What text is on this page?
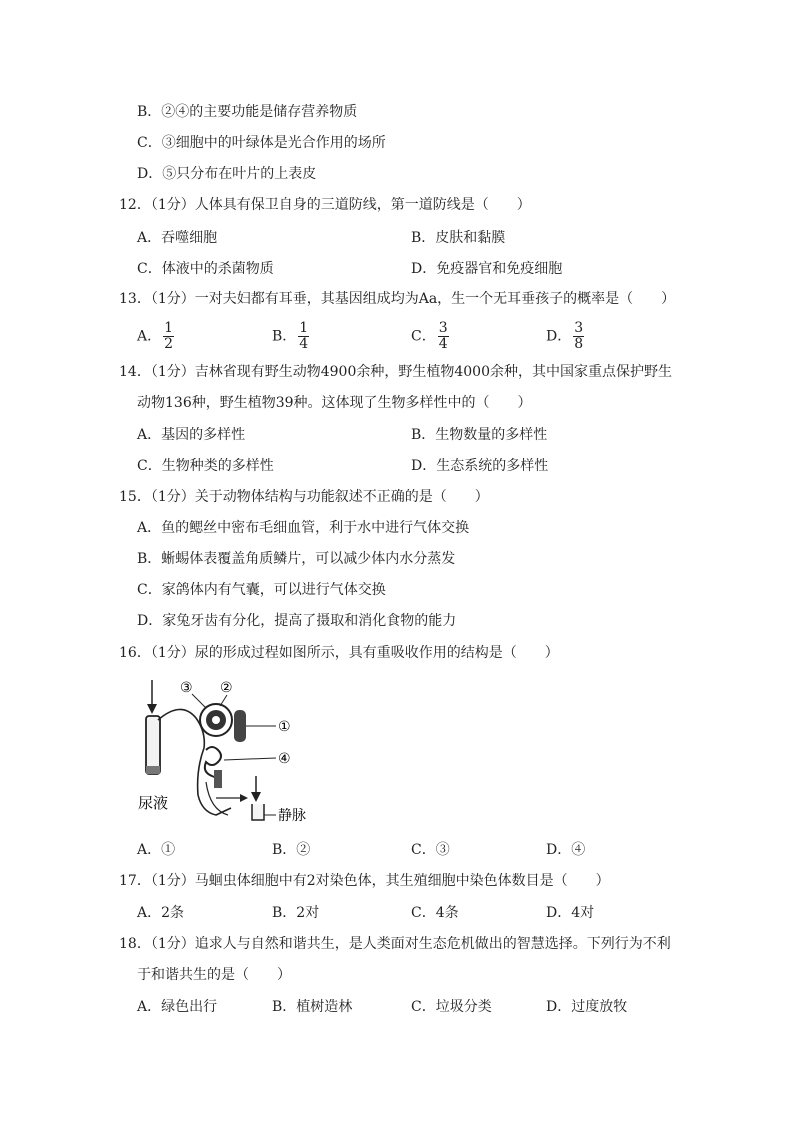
B．②④的主要功能是储存营养物质
C．③细胞中的叶绿体是光合作用的场所
D．⑤只分布在叶片的上表皮
12．（1分）人体具有保卫自身的三道防线，第一道防线是（　　）
A．吞噬细胞	B．皮肤和黏膜
C．体液中的杀菌物质	D．免疫器官和免疫细胞
13．（1分）一对夫妇都有耳垂，其基因组成均为Aa，生一个无耳垂孩子的概率是（　　）
A． $\frac{1}{2}$	B． $\frac{1}{4}$	C． $\frac{3}{4}$	D． $\frac{3}{8}$
14．（1分）吉林省现有野生动物4900余种，野生植物4000余种，其中国家重点保护野生
动物136种，野生植物39种。这体现了生物多样性中的（　　）
A．基因的多样性	B．生物数量的多样性
C．生物种类的多样性	D．生态系统的多样性
15．（1分）关于动物体结构与功能叙述不正确的是（　　）
A．鱼的鳃丝中密布毛细血管，利于水中进行气体交换
B．蜥蜴体表覆盖角质鳞片，可以减少体内水分蒸发
C．家鸽体内有气囊，可以进行气体交换
D．家兔牙齿有分化，提高了摄取和消化食物的能力
16．（1分）尿的形成过程如图所示，具有重吸收作用的结构是（　　）
③ ②
①
④
尿液
静脉
A．①	B．②	C．③	D．④
17．（1分）马蛔虫体细胞中有2对染色体，其生殖细胞中染色体数目是（　　）
A．2条	B．2对	C．4条	D．4对
18．（1分）追求人与自然和谐共生，是人类面对生态危机做出的智慧选择。下列行为不利
于和谐共生的是（　　）
A．绿色出行	B．植树造林	C．垃圾分类	D．过度放牧
